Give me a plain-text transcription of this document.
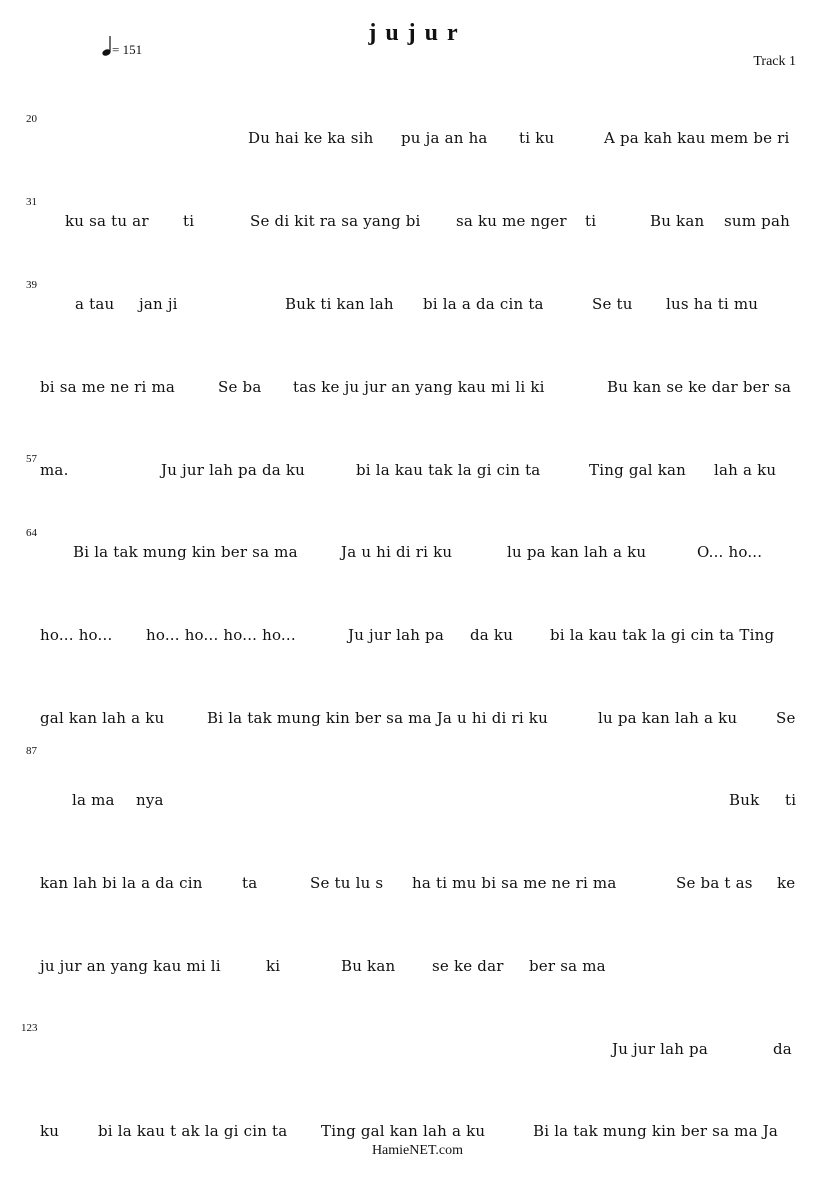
jujur
= 151
Track 1
20
Du hai ke ka sih pu ja an ha ti ku	A pa kah kau mem be ri
31
ku sa tu ar ti	Se di kit ra sa yang bi sa ku me nger ti	Bu kan sum pah
39
a tau jan ji	Buk ti kan lah bi la a da cin ta	Se tu lus ha ti mu
bi sa me ne ri ma	Se ba tas ke ju jur an yang kau mi li ki	Bu kan se ke dar ber sa
57
ma.	Ju jur lah pa da ku	bi la kau tak la gi cin ta	Ting gal kan lah a ku
64
Bi la tak mung kin ber sa ma	Ja u hi di ri ku	lu pa kan lah a ku	O... ho...
ho... ho... ho... ho... ho... ho...	Ju jur lah pa da ku bi la kau tak la gi cin ta Ting
gal kan lah a ku	Bi la tak mung kin ber sa ma Ja u hi di ri ku	lu pa kan lah a ku	Se
87
la ma nya	Buk ti
kan lah bi la a da cin	ta	Se tu lu s ha ti mu bi sa me ne ri ma	Se ba t as ke
ju jur an yang kau mi li	ki	Bu kan se ke dar ber sa ma
123
Ju jur lah pa	da
ku	bi la kau t ak la gi cin ta Ting gal kan lah a ku	Bi la tak mung kin ber sa ma Ja
HamieNET.com
